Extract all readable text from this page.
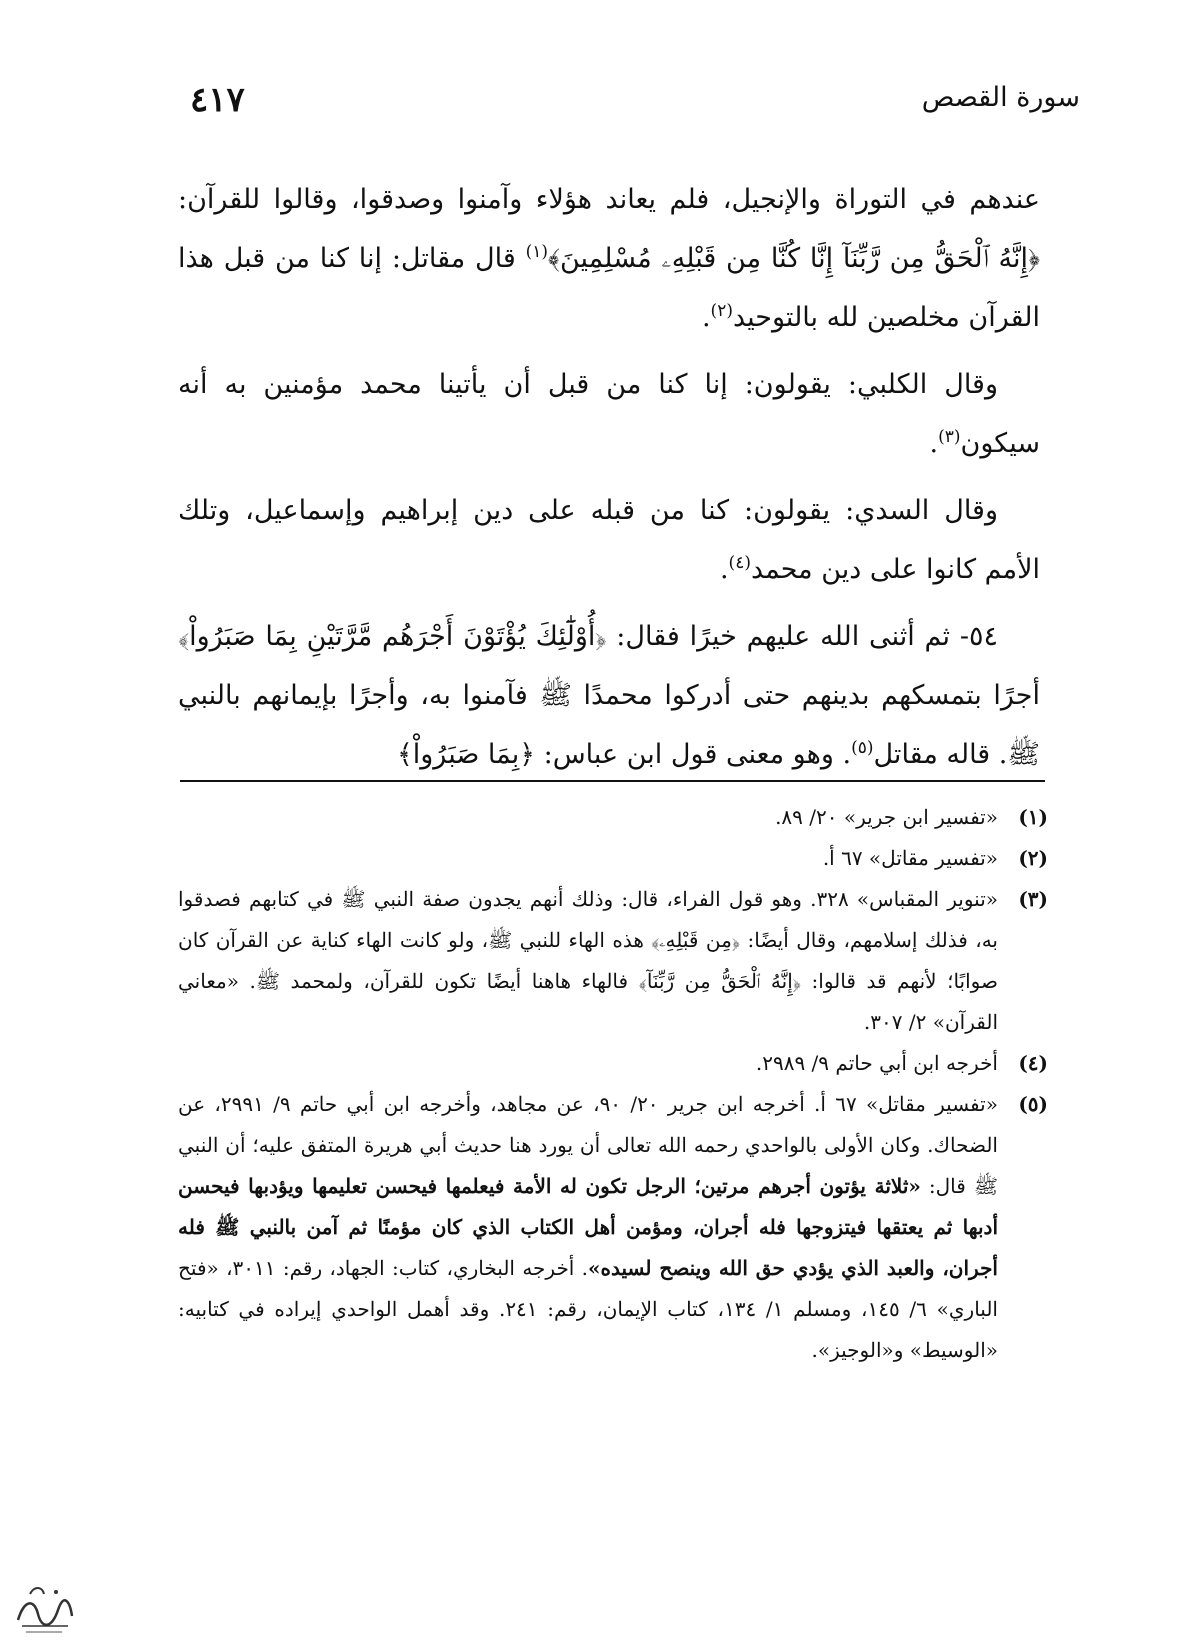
سورة القصص
٤١٧

عندهم في التوراة والإنجيل، فلم يعاند هؤلاء وآمنوا وصدقوا، وقالوا للقرآن: ﴿إِنَّهُ ٱلْحَقُّ مِن رَّبِّنَآ إِنَّا كُنَّا مِن قَبْلِهِۦ مُسْلِمِينَ﴾$^{(١)}$ قال مقاتل: إنا كنا من قبل هذا القرآن مخلصين لله بالتوحيد$^{(٢)}$.

وقال الكلبي: يقولون: إنا كنا من قبل أن يأتينا محمد مؤمنين به أنه سيكون$^{(٣)}$.

وقال السدي: يقولون: كنا من قبله على دين إبراهيم وإسماعيل، وتلك الأمم كانوا على دين محمد$^{(٤)}$.

٥٤- ثم أثنى الله عليهم خيرًا فقال: ﴿أُوْلَٰٓئِكَ يُؤْتَوْنَ أَجْرَهُم مَّرَّتَيْنِ بِمَا صَبَرُواْ﴾ أجرًا بتمسكهم بدينهم حتى أدركوا محمدًا ﷺ فآمنوا به، وأجرًا بإيمانهم بالنبي ﷺ. قاله مقاتل$^{(٥)}$. وهو معنى قول ابن عباس: ﴿بِمَا صَبَرُواْ﴾

(١)
«تفسير ابن جرير» ٢٠/ ٨٩.
(٢)
«تفسير مقاتل» ٦٧ أ.
(٣)
«تنوير المقباس» ٣٢٨. وهو قول الفراء، قال: وذلك أنهم يجدون صفة النبي ﷺ في كتابهم فصدقوا به، فذلك إسلامهم، وقال أيضًا: ﴿مِن قَبْلِهِۦ﴾ هذه الهاء للنبي ﷺ، ولو كانت الهاء كناية عن القرآن كان صوابًا؛ لأنهم قد قالوا: ﴿إِنَّهُ ٱلْحَقُّ مِن رَّبِّنَآ﴾ فالهاء هاهنا أيضًا تكون للقرآن، ولمحمد ﷺ. «معاني القرآن» ٢/ ٣٠٧.
(٤)
أخرجه ابن أبي حاتم ٩/ ٢٩٨٩.
(٥)
«تفسير مقاتل» ٦٧ أ. أخرجه ابن جرير ٢٠/ ٩٠، عن مجاهد، وأخرجه ابن أبي حاتم ٩/ ٢٩٩١، عن الضحاك. وكان الأولى بالواحدي رحمه الله تعالى أن يورد هنا حديث أبي هريرة المتفق عليه؛ أن النبي ﷺ قال: «ثلاثة يؤتون أجرهم مرتين؛ الرجل تكون له الأمة فيعلمها فيحسن تعليمها ويؤدبها فيحسن أدبها ثم يعتقها فيتزوجها فله أجران، ومؤمن أهل الكتاب الذي كان مؤمنًا ثم آمن بالنبي ﷺ فله أجران، والعبد الذي يؤدي حق الله وينصح لسيده». أخرجه البخاري، كتاب: الجهاد، رقم: ٣٠١١، «فتح الباري» ٦/ ١٤٥، ومسلم ١/ ١٣٤، كتاب الإيمان، رقم: ٢٤١. وقد أهمل الواحدي إيراده في كتابيه: «الوسيط» و«الوجيز».
